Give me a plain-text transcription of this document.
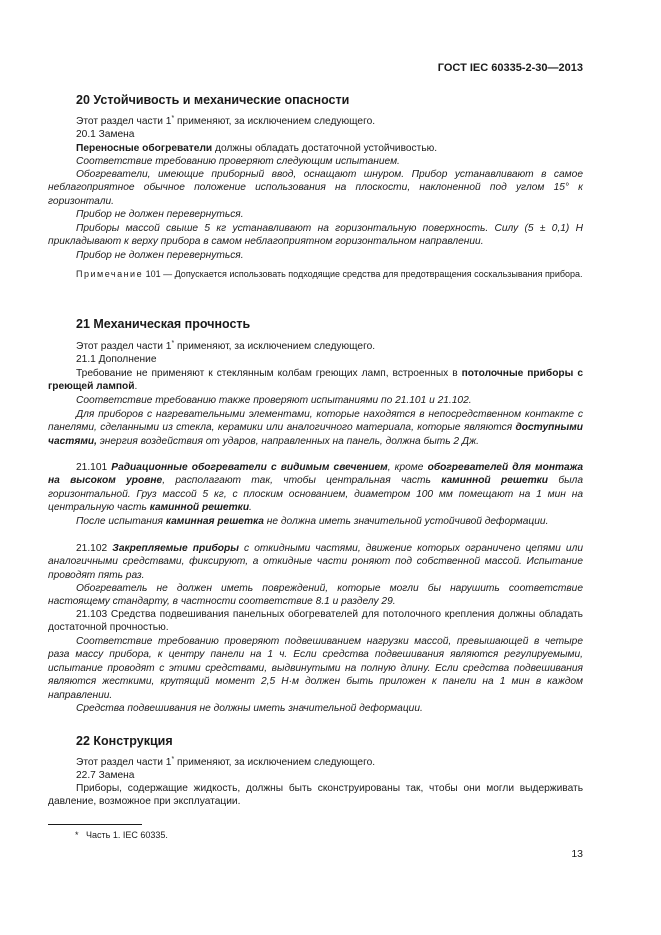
ГОСТ IEC 60335-2-30—2013
20 Устойчивость и механические опасности
Этот раздел части 1* применяют, за исключением следующего.
20.1 Замена
Переносные обогреватели должны обладать достаточной устойчивостью.
Соответствие требованию проверяют следующим испытанием.
Обогреватели, имеющие приборный ввод, оснащают шнуром. Прибор устанавливают в самое неблагоприятное обычное положение использования на плоскости, наклоненной под углом 15° к горизонтали.
Прибор не должен перевернуться.
Приборы массой свыше 5 кг устанавливают на горизонтальную поверхность. Силу (5 ± 0,1) Н прикладывают к верху прибора в самом неблагоприятном горизонтальном направлении.
Прибор не должен перевернуться.
Примечание 101 — Допускается использовать подходящие средства для предотвращения соскальзывания прибора.
21 Механическая прочность
Этот раздел части 1* применяют, за исключением следующего.
21.1 Дополнение
Требование не применяют к стеклянным колбам греющих ламп, встроенных в потолочные приборы с греющей лампой.
Соответствие требованию также проверяют испытаниями по 21.101 и 21.102.
Для приборов с нагревательными элементами, которые находятся в непосредственном контакте с панелями, сделанными из стекла, керамики или аналогичного материала, которые являются доступными частями, энергия воздействия от ударов, направленных на панель, должна быть 2 Дж.
21.101 Радиационные обогреватели с видимым свечением, кроме обогревателей для монтажа на высоком уровне, располагают так, чтобы центральная часть каминной решетки была горизонтальной. Груз массой 5 кг, с плоским основанием, диаметром 100 мм помещают на 1 мин на центральную часть каминной решетки.
После испытания каминная решетка не должна иметь значительной устойчивой деформации.
21.102 Закрепляемые приборы с откидными частями, движение которых ограничено цепями или аналогичными средствами, фиксируют, а откидные части роняют под собственной массой. Испытание проводят пять раз.
Обогреватель не должен иметь повреждений, которые могли бы нарушить соответствие настоящему стандарту, в частности соответствие 8.1 и разделу 29.
21.103 Средства подвешивания панельных обогревателей для потолочного крепления должны обладать достаточной прочностью.
Соответствие требованию проверяют подвешиванием нагрузки массой, превышающей в четыре раза массу прибора, к центру панели на 1 ч. Если средства подвешивания являются регулируемыми, испытание проводят с этими средствами, выдвинутыми на полную длину. Если средства подвешивания являются жесткими, крутящий момент 2,5 Н·м должен быть приложен к панели на 1 мин в каждом направлении.
Средства подвешивания не должны иметь значительной деформации.
22 Конструкция
Этот раздел части 1* применяют, за исключением следующего.
22.7 Замена
Приборы, содержащие жидкость, должны быть сконструированы так, чтобы они могли выдерживать давление, возможное при эксплуатации.
* Часть 1. IEC 60335.
13
